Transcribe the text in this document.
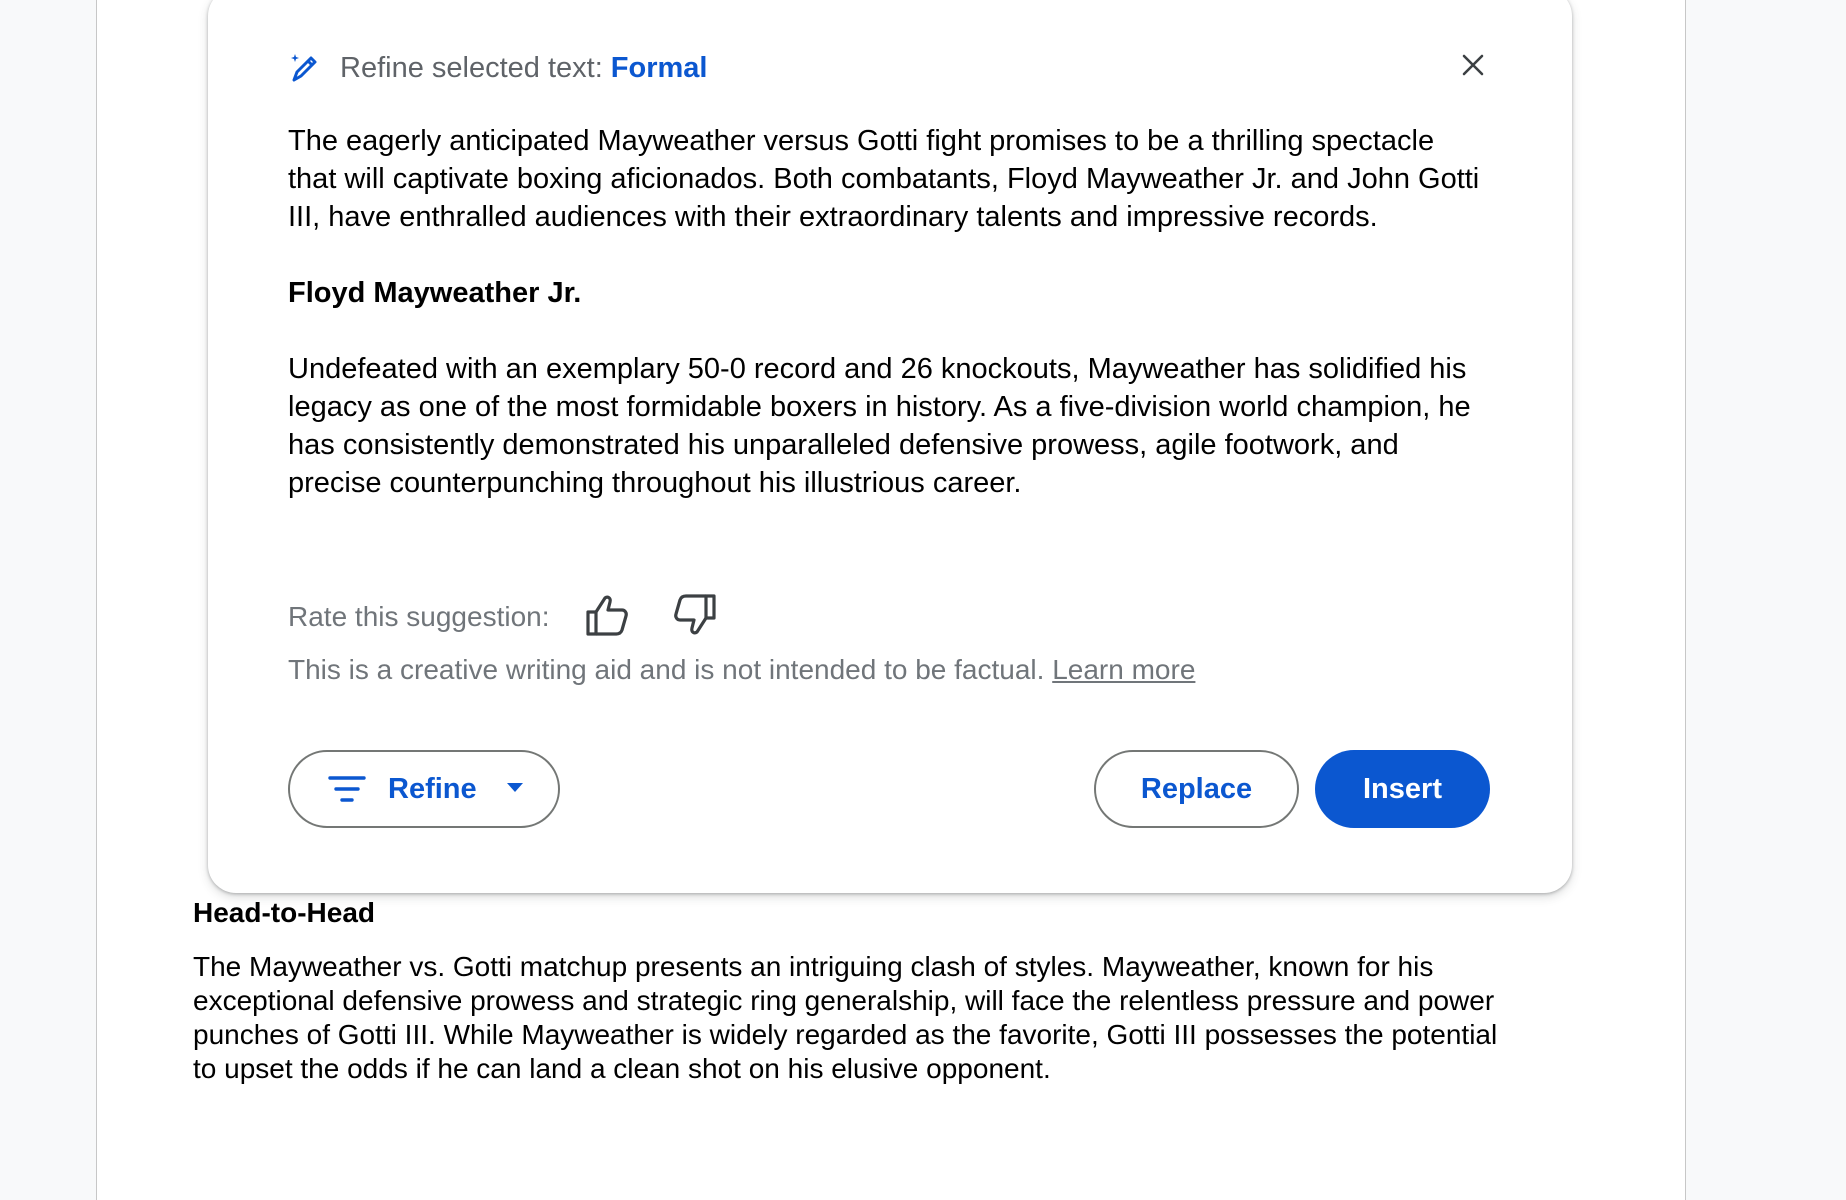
Head-to-Head

The Mayweather vs. Gotti matchup presents an intriguing clash of styles. Mayweather, known for his exceptional defensive prowess and strategic ring generalship, will face the relentless pressure and power punches of Gotti III. While Mayweather is widely regarded as the favorite, Gotti III possesses the potential to upset the odds if he can land a clean shot on his elusive opponent.

Refine selected text: Formal

The eagerly anticipated Mayweather versus Gotti fight promises to be a thrilling spectacle that will captivate boxing aficionados. Both combatants, Floyd Mayweather Jr. and John Gotti III, have enthralled audiences with their extraordinary talents and impressive records.

Floyd Mayweather Jr.

Undefeated with an exemplary 50-0 record and 26 knockouts, Mayweather has solidified his legacy as one of the most formidable boxers in history. As a five-division world champion, he has consistently demonstrated his unparalleled defensive prowess, agile footwork, and precise counterpunching throughout his illustrious career.

Rate this suggestion:
This is a creative writing aid and is not intended to be factual. Learn more
Refine	Replace	Insert
